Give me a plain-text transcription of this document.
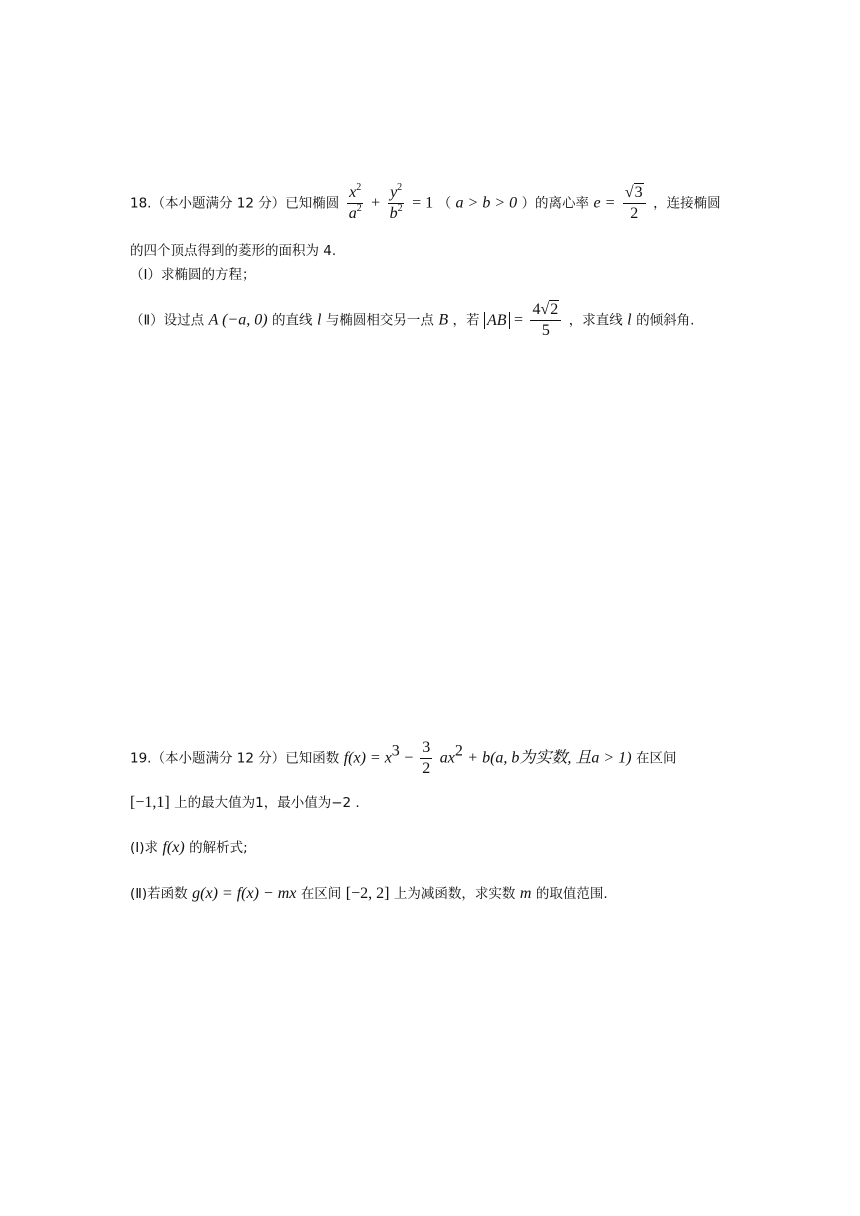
18.（本小题满分 12 分）已知椭圆 $\frac{x^2}{a^2} + \frac{y^2}{b^2} = 1$ （ a > b > 0 ）的离心率 $e = \frac{√3}{2}$ ，连接椭圆
的四个顶点得到的菱形的面积为 4.
（Ⅰ）求椭圆的方程；
（Ⅱ）设过点 A (−a, 0) 的直线 l 与椭圆相交另一点 B ，若 AB = $\frac{4√2}{5}$ ，求直线 l 的倾斜角.
19.（本小题满分 12 分）已知函数 $f(x) = x^3 - \frac{3}{2} ax^2 + b(a$, b为实数, 且a > 1) 在区间
[−1,1] 上的最大值为1，最小值为−2 .
(Ⅰ)求 f(x) 的解析式;
(Ⅱ)若函数 g(x) = f(x) − mx 在区间 [−2, 2] 上为减函数，求实数 m 的取值范围.
